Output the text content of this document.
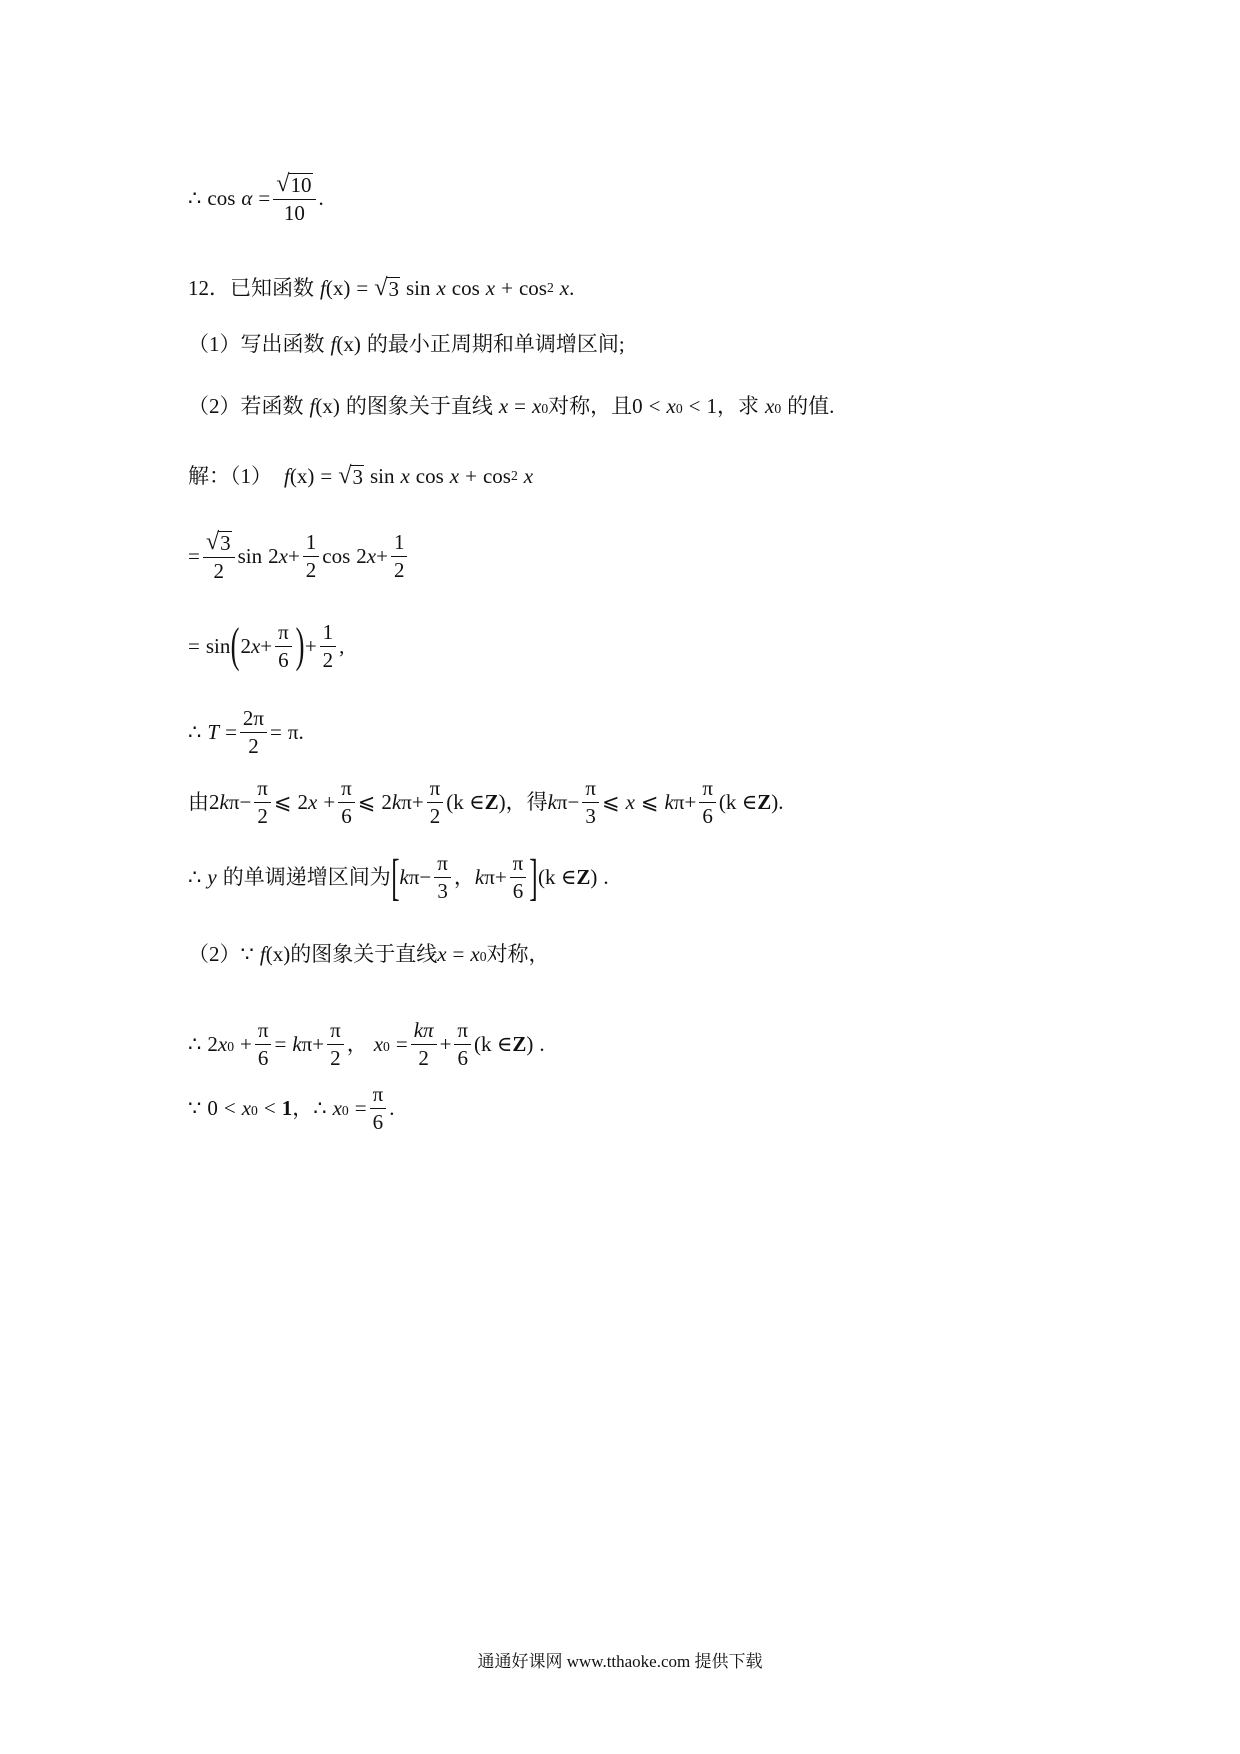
∴ $\cos \alpha = \frac{√ 10}{10}$ .
12． 已知函数 f (x) = √ 3 sin x cos x + cos 2 x .
（1）写出函数 f (x) 的最小正周期和单调增区间;
（2）若函数 f (x) 的图象关于直线 $x = x_0$ 对称，且 $0 < x_0 < 1$ ，求 $x_0$ 的值.
解：（1） f (x) = √ 3 sin x cos x + cos 2 x
= $\frac{√ 3}{2}$ sin 2 $x + \frac{1}{2}$ cos 2 $x + \frac{1}{2}$
= sin ( 2 $x + \frac{\pi}{6}$ ) + $\frac{1}{2}$ ,
∴ $T = \frac{2\pi}{2} = \pi$ .
由 2 k $\pi - \frac{\pi}{2}$ ⩽ 2 $x + \frac{\pi}{6}$ ⩽ 2 k $\pi + \frac{\pi}{2} (k$ ∈ Z ) ，得 k $\pi - \frac{\pi}{3}$ ⩽ x ⩽ k $\pi + \frac{\pi}{6} (k$ ∈ Z ) .
∴ y 的单调递增区间为 [ k $\pi - \frac{\pi}{3}$ ， k $\pi + \frac{\pi}{6}$ ] (k ∈ Z ) .
（2） ∵ f (x) 的图象关于直线 $x = x_0$ 对称，
∴ 2 $x_0 + \frac{\pi}{6} = k$ $\pi + \frac{\pi}{2}$ ， $x_0 = \frac{k\pi}{2} + \frac{\pi}{6} (k$ ∈ Z ) .
∵ $0 < x_0 < 1$ ， ∴ $x_0 = \frac{\pi}{6}$ .
通通好课网 www.tthaoke.com 提供下载
